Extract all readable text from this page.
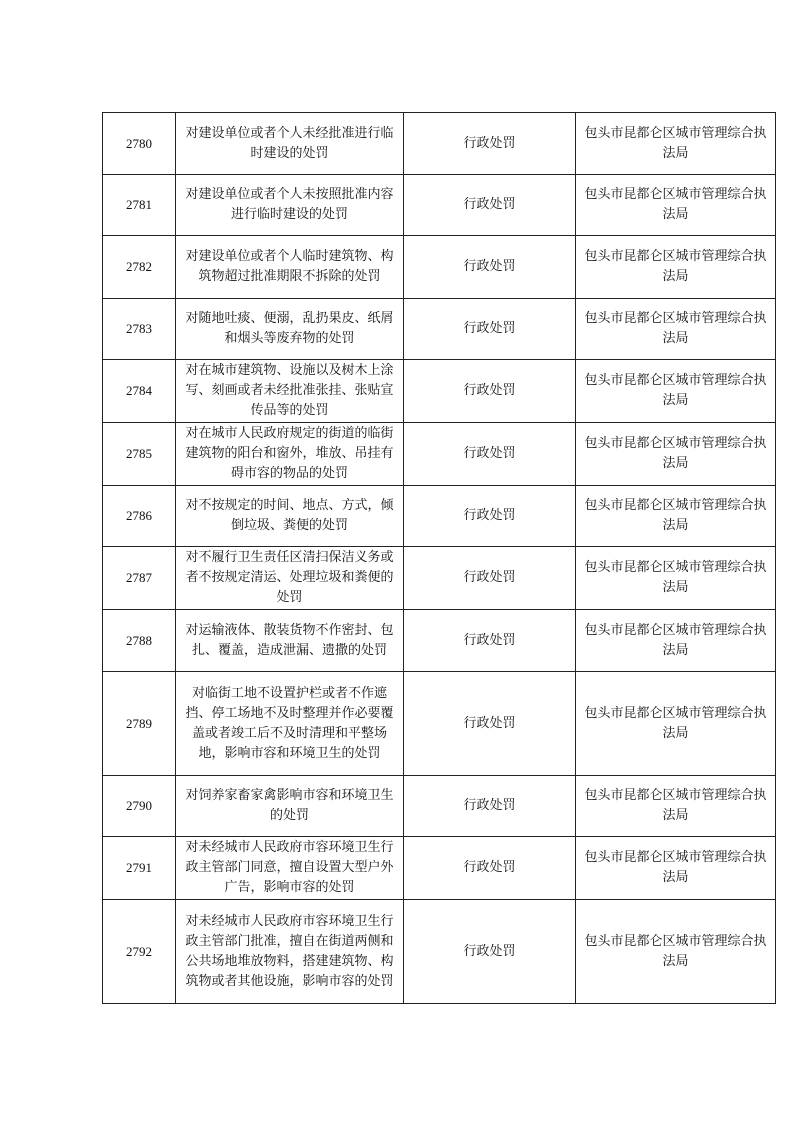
2780	对建设单位或者个人未经批准进行临时建设的处罚	行政处罚	包头市昆都仑区城市管理综合执法局
2781	对建设单位或者个人未按照批准内容进行临时建设的处罚	行政处罚	包头市昆都仑区城市管理综合执法局
2782	对建设单位或者个人临时建筑物、构筑物超过批准期限不拆除的处罚	行政处罚	包头市昆都仑区城市管理综合执法局
2783	对随地吐痰、便溺，乱扔果皮、纸屑和烟头等废弃物的处罚	行政处罚	包头市昆都仑区城市管理综合执法局
2784	对在城市建筑物、设施以及树木上涂写、刻画或者未经批准张挂、张贴宣传品等的处罚	行政处罚	包头市昆都仑区城市管理综合执法局
2785	对在城市人民政府规定的街道的临街建筑物的阳台和窗外，堆放、吊挂有碍市容的物品的处罚	行政处罚	包头市昆都仑区城市管理综合执法局
2786	对不按规定的时间、地点、方式，倾倒垃圾、粪便的处罚	行政处罚	包头市昆都仑区城市管理综合执法局
2787	对不履行卫生责任区清扫保洁义务或者不按规定清运、处理垃圾和粪便的处罚	行政处罚	包头市昆都仑区城市管理综合执法局
2788	对运输液体、散装货物不作密封、包扎、覆盖，造成泄漏、遗撒的处罚	行政处罚	包头市昆都仑区城市管理综合执法局
2789	对临街工地不设置护栏或者不作遮挡、停工场地不及时整理并作必要覆盖或者竣工后不及时清理和平整场地，影响市容和环境卫生的处罚	行政处罚	包头市昆都仑区城市管理综合执法局
2790	对饲养家畜家禽影响市容和环境卫生的处罚	行政处罚	包头市昆都仑区城市管理综合执法局
2791	对未经城市人民政府市容环境卫生行政主管部门同意，擅自设置大型户外广告，影响市容的处罚	行政处罚	包头市昆都仑区城市管理综合执法局
2792	对未经城市人民政府市容环境卫生行政主管部门批准，擅自在街道两侧和公共场地堆放物料，搭建建筑物、构筑物或者其他设施，影响市容的处罚	行政处罚	包头市昆都仑区城市管理综合执法局
